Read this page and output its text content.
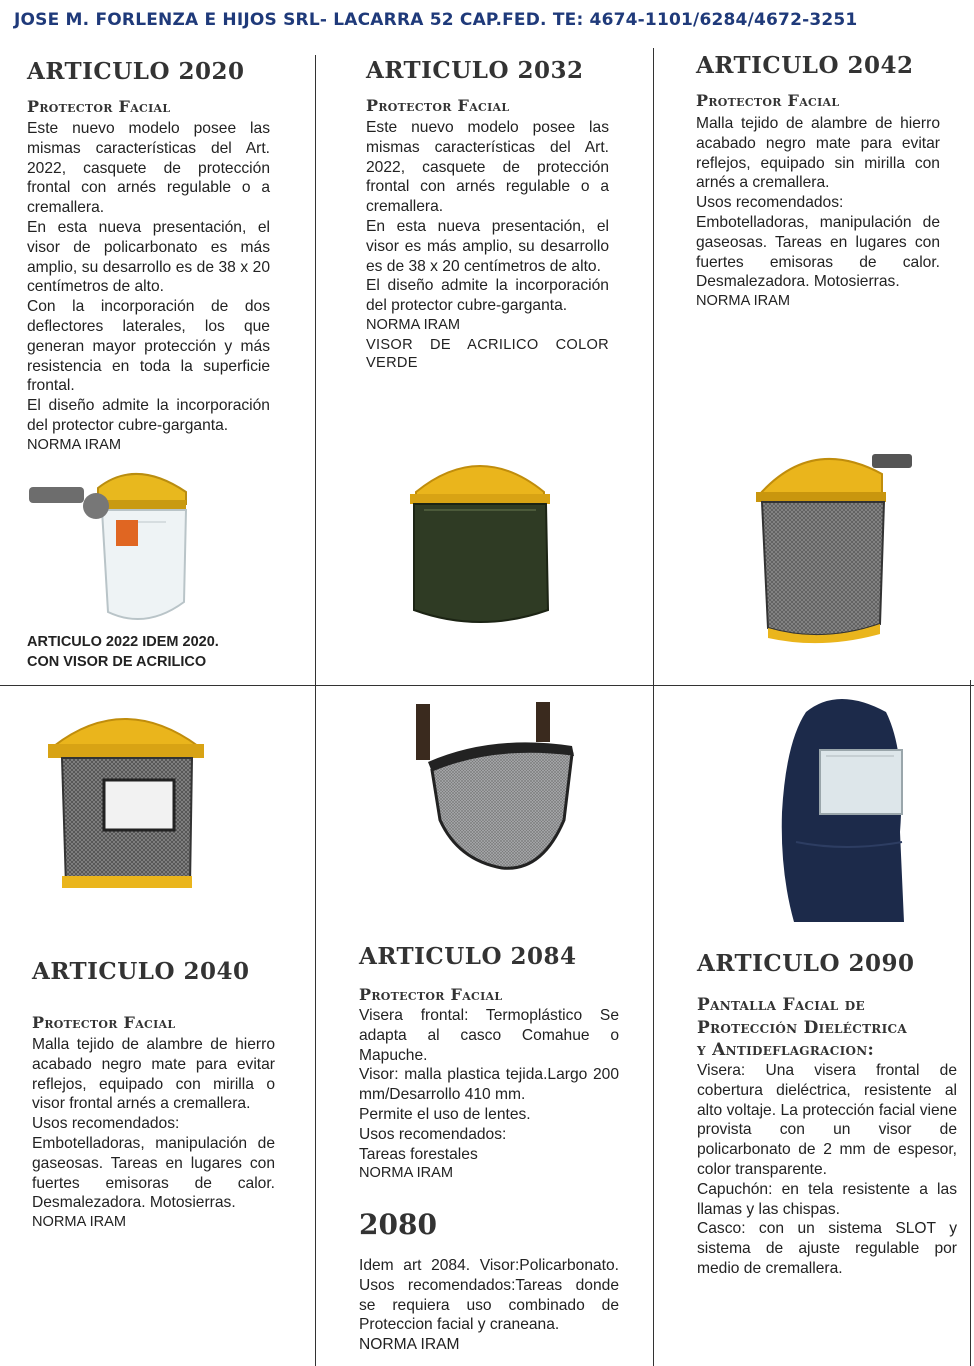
JOSE M. FORLENZA E HIJOS SRL- LACARRA 52 CAP.FED. TE: 4674-1101/6284/4672-3251
ARTICULO 2020
Protector Facial

Este nuevo modelo posee las mismas características del Art. 2022, casquete de protección frontal con arnés regulable o a cremallera.

En esta nueva presentación, el visor de policarbonato es más amplio, su desarrollo es de 38 x 20 centímetros de alto.

Con la incorporación de dos deflectores laterales, los que generan mayor protección y más resistencia en toda la superficie frontal.

El diseño admite la incorporación del protector cubre-garganta.

NORMA IRAM

ARTICULO 2022 IDEM 2020.
CON VISOR DE ACRILICO
ARTICULO 2032
Protector Facial

Este nuevo modelo posee las mismas características del Art. 2022, casquete de protección frontal con arnés regulable o a cremallera.

En esta nueva presentación, el visor es más amplio, su desarrollo es de 38 x 20 centímetros de alto.

El diseño admite la incorporación del protector cubre-garganta.

NORMA IRAM

VISOR DE ACRILICO COLOR VERDE

ARTICULO 2042
Protector Facial

Malla tejido de alambre de hierro acabado negro mate para evitar reflejos, equipado sin mirilla con arnés a cremallera.

Usos recomendados:

Embotelladoras, manipulación de gaseosas. Tareas en lugares con fuertes emisoras de calor. Desmalezadora. Motosierras.

NORMA IRAM

ARTICULO 2040
Protector Facial

Malla tejido de alambre de hierro acabado negro mate para evitar reflejos, equipado con mirilla o visor frontal arnés a cremallera.

Usos recomendados:

Embotelladoras, manipulación de gaseosas. Tareas en lugares con fuertes emisoras de calor. Desmalezadora. Motosierras.

NORMA IRAM

ARTICULO 2084
Protector Facial

Visera frontal: Termoplástico Se adapta al casco Comahue o Mapuche.

Visor: malla plastica tejida.Largo 200 mm/Desarrollo 410 mm.

Permite el uso de lentes.

Usos recomendados:

Tareas forestales

NORMA IRAM

2080

Idem art 2084. Visor:Policarbonato. Usos recomendados:Tareas donde se requiera uso combinado de Proteccion facial y craneana.

NORMA IRAM

ARTICULO 2090
Pantalla Facial de
Protección Dieléctrica
y Antideflagracion:

Visera: Una visera frontal de cobertura dieléctrica, resistente al alto voltaje. La protección facial viene provista con un visor de policarbonato de 2 mm de espesor, color transparente.

Capuchón: en tela resistente a las llamas y las chispas.

Casco: con un sistema SLOT y sistema de ajuste regulable por medio de cremallera.
